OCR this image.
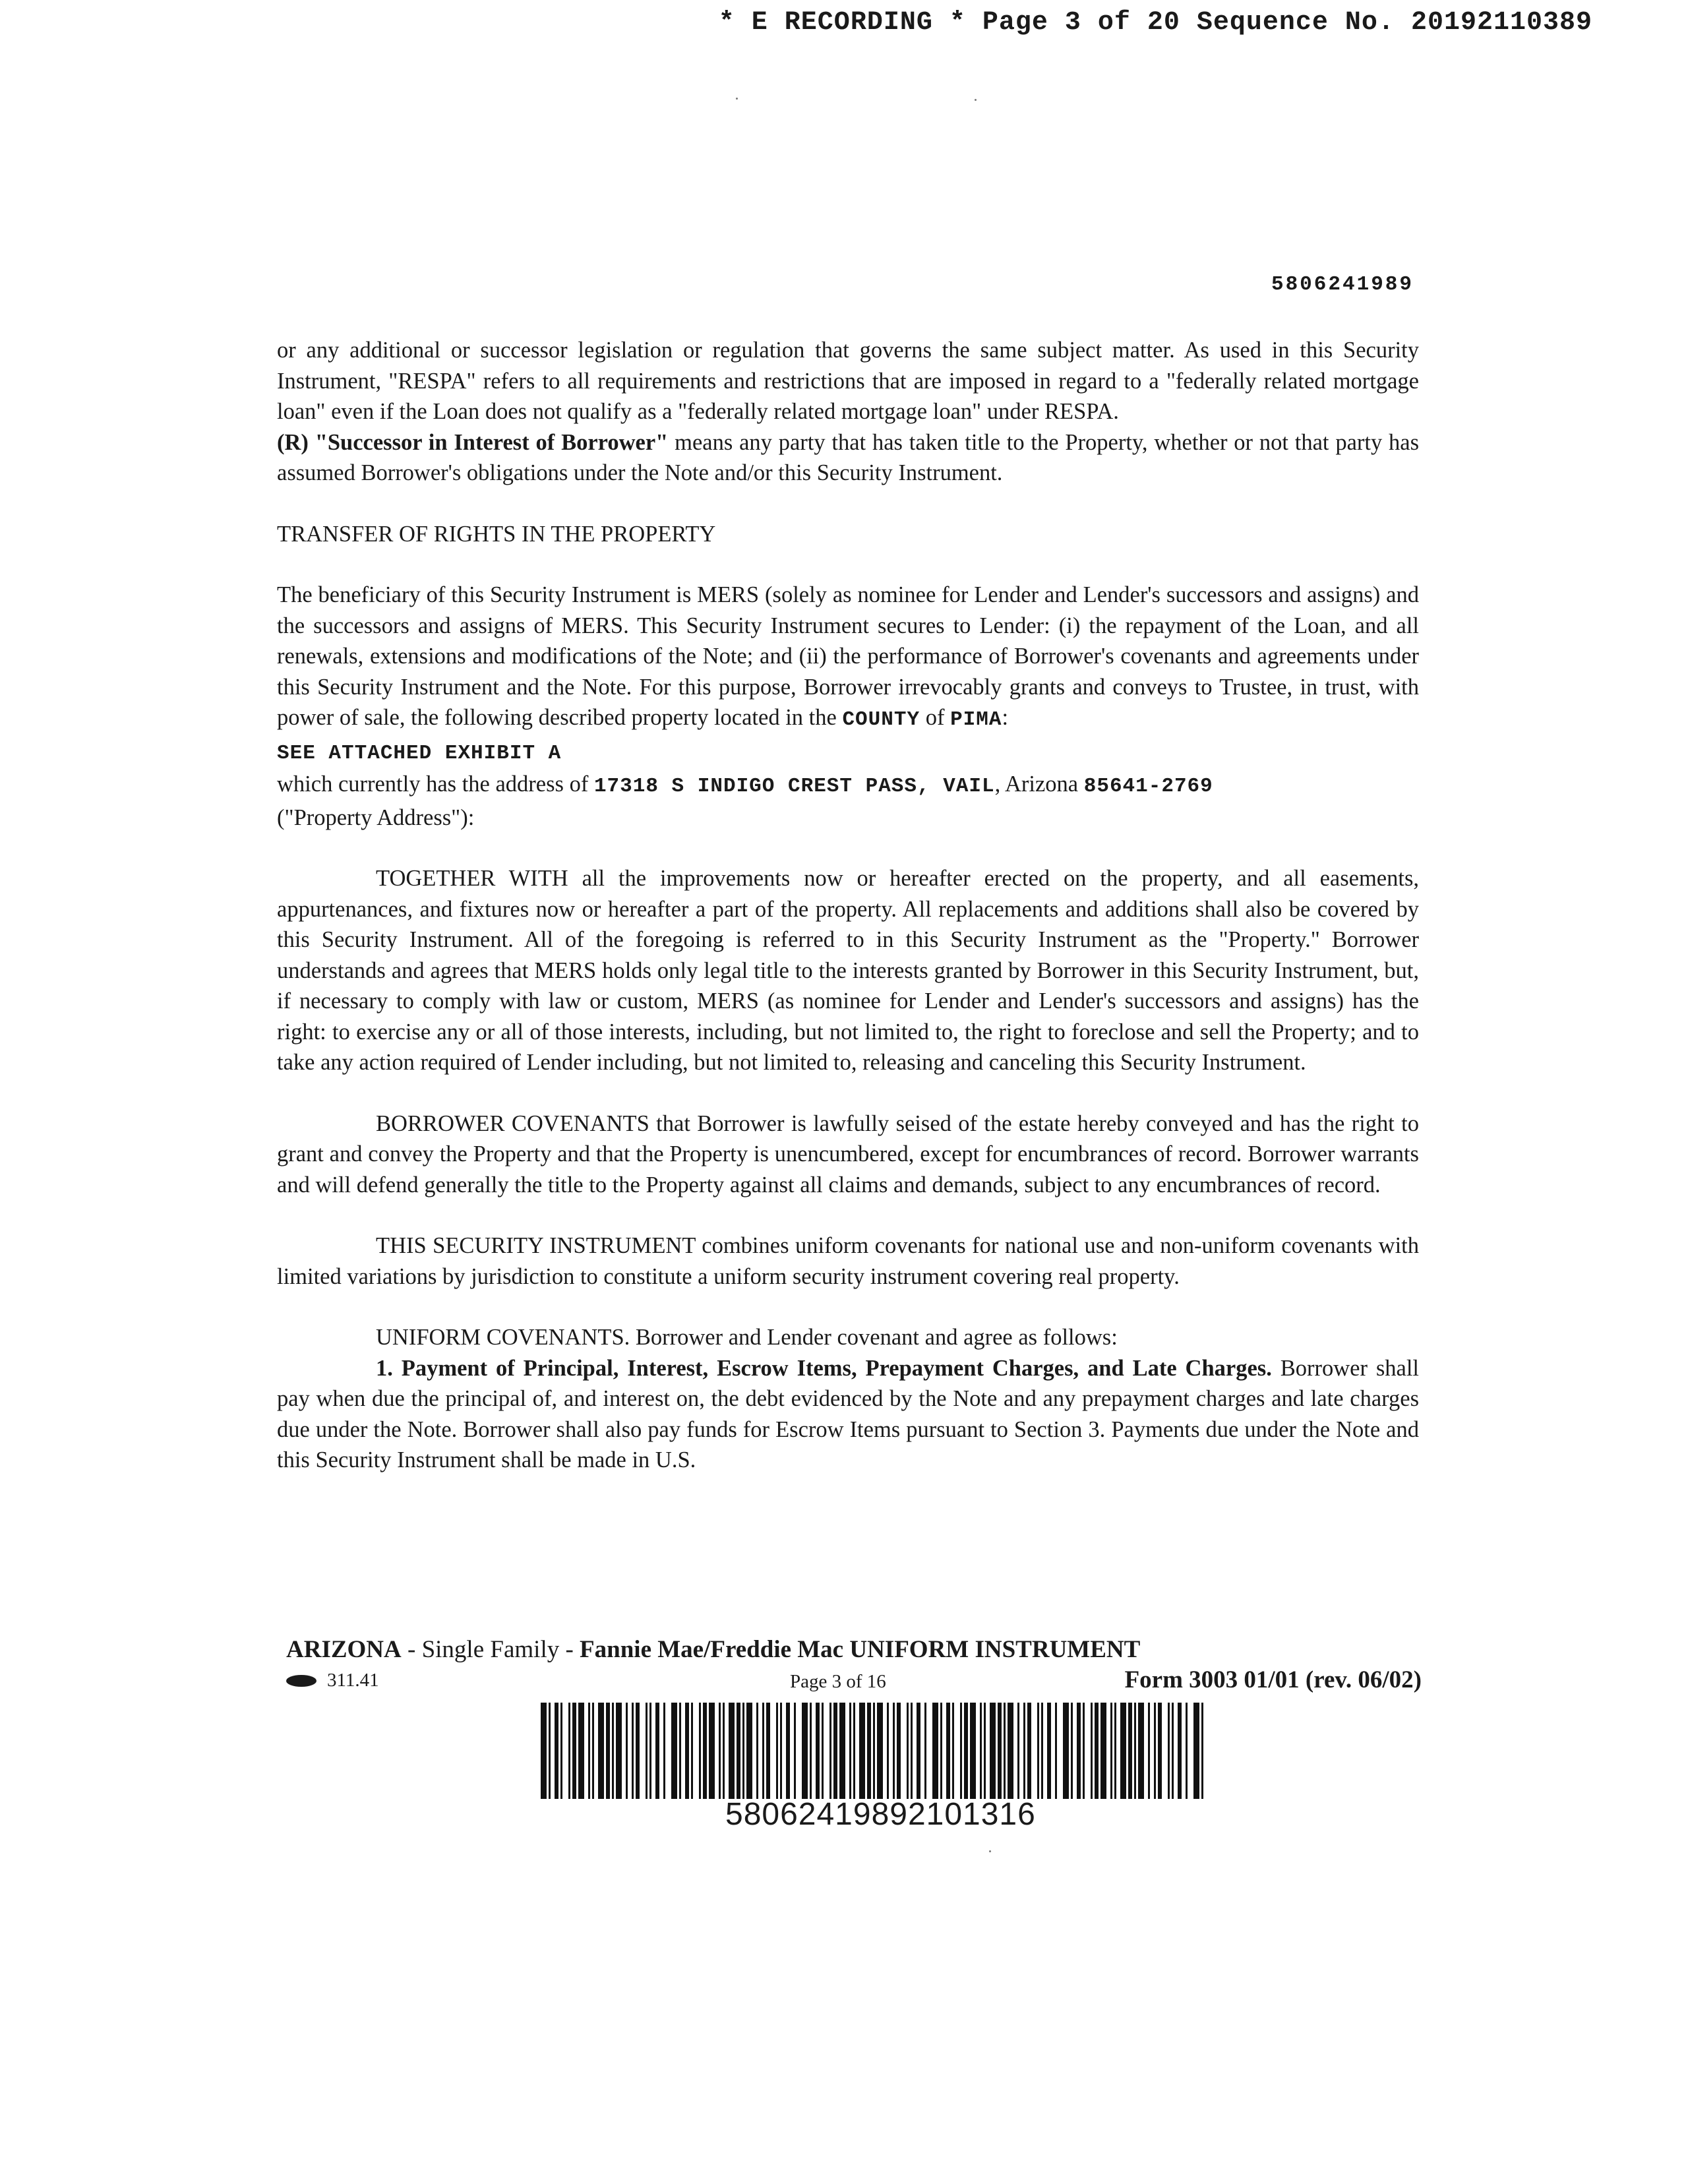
* E RECORDING * Page 3 of 20 Sequence No. 20192110389
5806241989

or any additional or successor legislation or regulation that governs the same subject matter. As used in this Security Instrument, "RESPA" refers to all requirements and restrictions that are imposed in regard to a "federally related mortgage loan" even if the Loan does not qualify as a "federally related mortgage loan" under RESPA.

(R) "Successor in Interest of Borrower" means any party that has taken title to the Property, whether or not that party has assumed Borrower's obligations under the Note and/or this Security Instrument.

TRANSFER OF RIGHTS IN THE PROPERTY

The beneficiary of this Security Instrument is MERS (solely as nominee for Lender and Lender's successors and assigns) and the successors and assigns of MERS. This Security Instrument secures to Lender: (i) the repayment of the Loan, and all renewals, extensions and modifications of the Note; and (ii) the performance of Borrower's covenants and agreements under this Security Instrument and the Note. For this purpose, Borrower irrevocably grants and conveys to Trustee, in trust, with power of sale, the following described property located in the COUNTY of PIMA:

SEE ATTACHED EXHIBIT A

which currently has the address of 17318 S INDIGO CREST PASS, VAIL, Arizona 85641-2769

("Property Address"):

TOGETHER WITH all the improvements now or hereafter erected on the property, and all easements, appurtenances, and fixtures now or hereafter a part of the property. All replacements and additions shall also be covered by this Security Instrument. All of the foregoing is referred to in this Security Instrument as the "Property." Borrower understands and agrees that MERS holds only legal title to the interests granted by Borrower in this Security Instrument, but, if necessary to comply with law or custom, MERS (as nominee for Lender and Lender's successors and assigns) has the right: to exercise any or all of those interests, including, but not limited to, the right to foreclose and sell the Property; and to take any action required of Lender including, but not limited to, releasing and canceling this Security Instrument.

BORROWER COVENANTS that Borrower is lawfully seised of the estate hereby conveyed and has the right to grant and convey the Property and that the Property is unencumbered, except for encumbrances of record. Borrower warrants and will defend generally the title to the Property against all claims and demands, subject to any encumbrances of record.

THIS SECURITY INSTRUMENT combines uniform covenants for national use and non-uniform covenants with limited variations by jurisdiction to constitute a uniform security instrument covering real property.

UNIFORM COVENANTS. Borrower and Lender covenant and agree as follows:

1. Payment of Principal, Interest, Escrow Items, Prepayment Charges, and Late Charges. Borrower shall pay when due the principal of, and interest on, the debt evidenced by the Note and any prepayment charges and late charges due under the Note. Borrower shall also pay funds for Escrow Items pursuant to Section 3. Payments due under the Note and this Security Instrument shall be made in U.S.

ARIZONA - Single Family - Fannie Mae/Freddie Mac UNIFORM INSTRUMENT
311.41	Page 3 of 16	Form 3003 01/01 (rev. 06/02)
58062419892101316
